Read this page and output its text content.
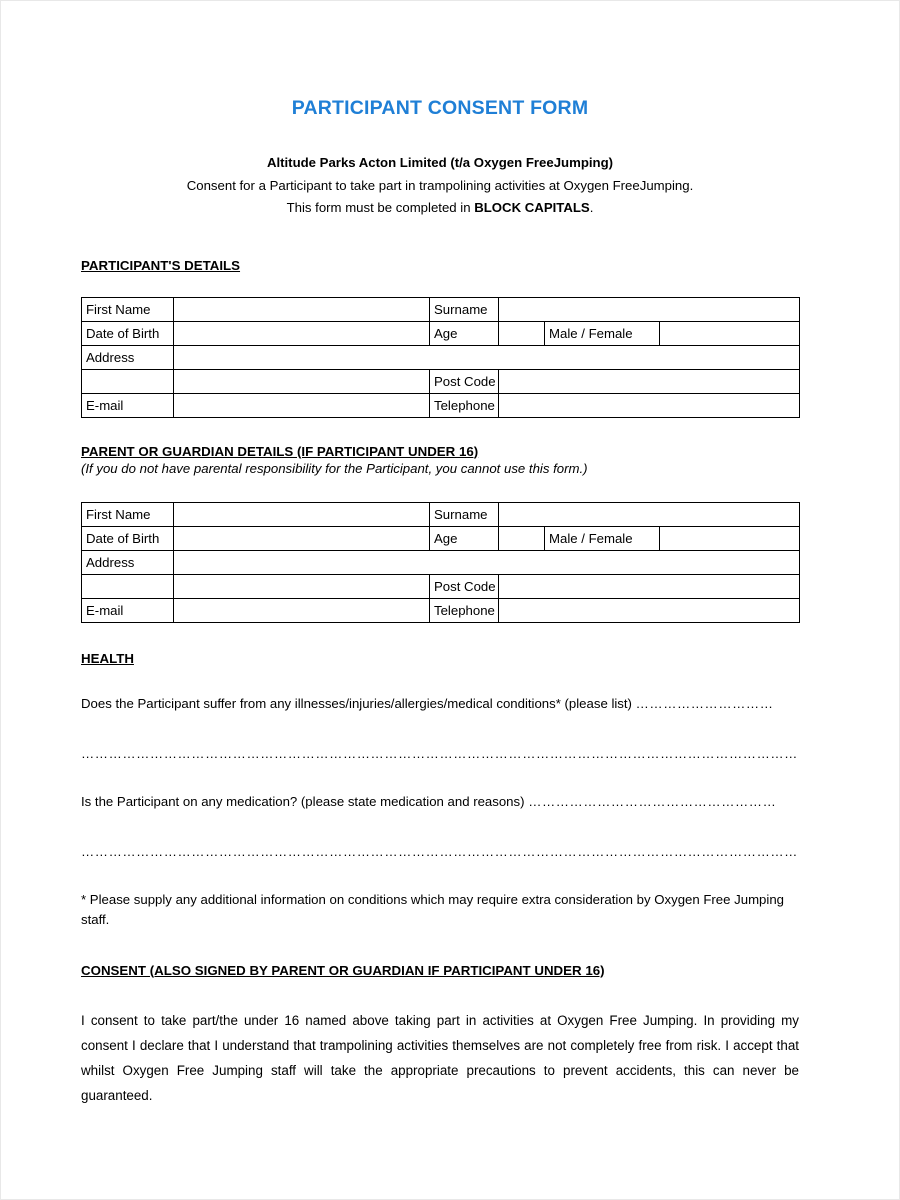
PARTICIPANT CONSENT FORM
Altitude Parks Acton Limited (t/a Oxygen FreeJumping)
Consent for a Participant to take part in trampolining activities at Oxygen FreeJumping.
This form must be completed in BLOCK CAPITALS.
PARTICIPANT'S DETAILS
First Name		Surname			
Date of Birth		Age		Male / Female	
Address					
		Post Code			
E-mail		Telephone			
PARENT OR GUARDIAN DETAILS (IF PARTICIPANT UNDER 16)
(If you do not have parental responsibility for the Participant, you cannot use this form.)
First Name		Surname			
Date of Birth		Age		Male / Female	
Address					
		Post Code			
E-mail		Telephone			
HEALTH
Does the Participant suffer from any illnesses/injuries/allergies/medical conditions* (please list) …………………………
…………………………………………………………………………………………………………………………………………
Is the Participant on any medication? (please state medication and reasons) ………………………………………………
…………………………………………………………………………………………………………………………………………
* Please supply any additional information on conditions which may require extra consideration by Oxygen Free Jumping staff.
CONSENT (ALSO SIGNED BY PARENT OR GUARDIAN IF PARTICIPANT UNDER 16)
I consent to take part/the under 16 named above taking part in activities at Oxygen Free Jumping. In providing my consent I declare that I understand that trampolining activities themselves are not completely free from risk. I accept that whilst Oxygen Free Jumping staff will take the appropriate precautions to prevent accidents, this can never be guaranteed.
